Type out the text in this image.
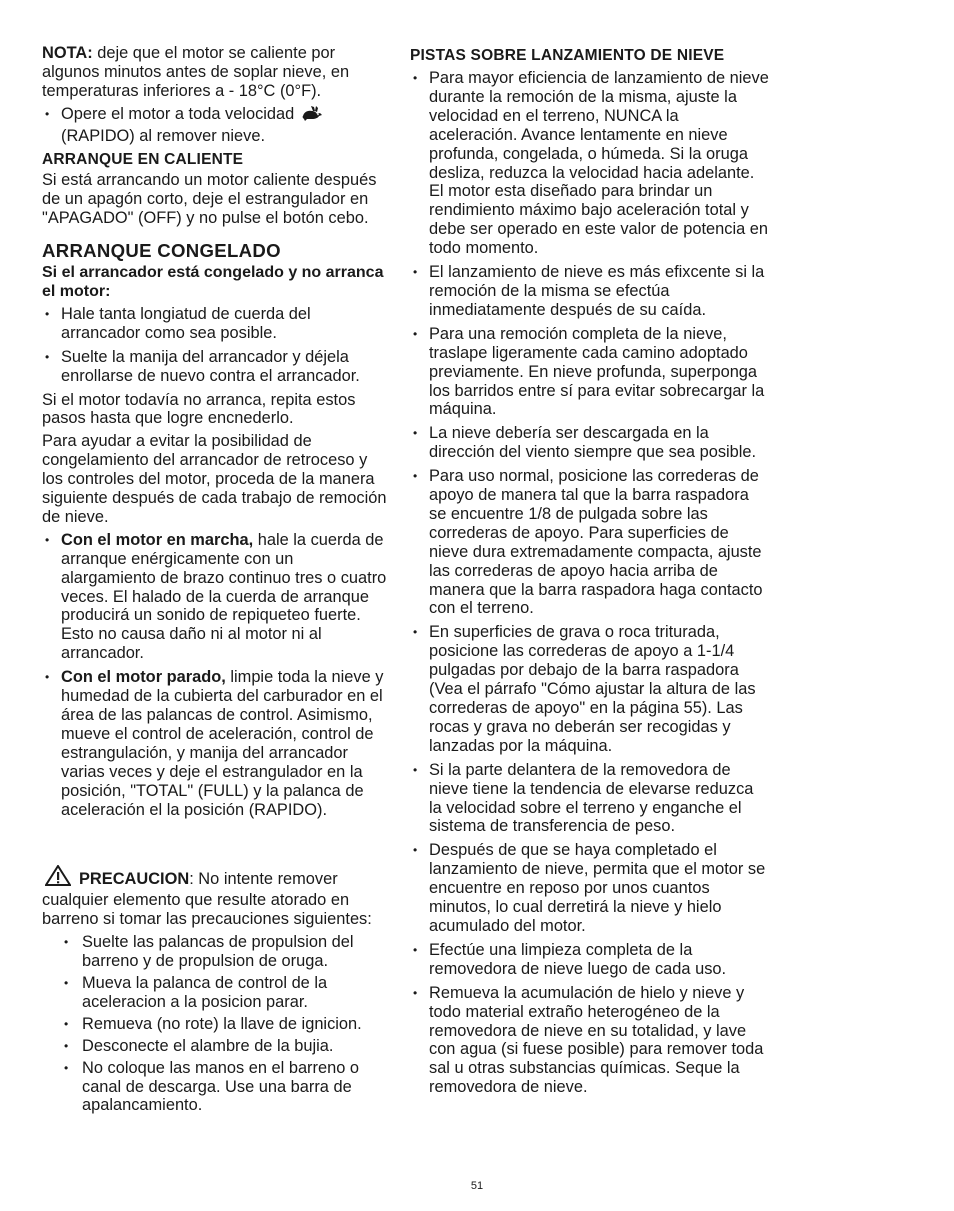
NOTA: deje que el motor se caliente por algunos minutos antes de soplar nieve, en temperaturas inferiores a - 18°C (0°F).

• Opere el motor a toda velocidad
(RAPIDO) al remover nieve.
ARRANQUE EN CALIENTE

Si está arrancando un motor caliente después de un apagón corto, deje el estrangulador en "APAGADO" (OFF) y no pulse el botón cebo.

ARRANQUE CONGELADO
Si el arrancador está congelado y no arranca el motor:
• Hale tanta longiatud de cuerda del arrancador como sea posible.
• Suelte la manija del arrancador y déjela enrollarse de nuevo contra el arrancador.

Si el motor todavía no arranca, repita estos pasos hasta que logre encnederlo.

Para ayudar a evitar la posibilidad de congelamiento del arrancador de retroceso y los controles del motor, proceda de la manera siguiente después de cada trabajo de remoción de nieve.

• Con el motor en marcha, hale la cuerda de arranque enérgicamente con un alargamiento de brazo continuo tres o cuatro veces. El halado de la cuerda de arranque producirá un sonido de repiqueteo fuerte. Esto no causa daño ni al motor ni al arrancador.
• Con el motor parado, limpie toda la nieve y humedad de la cubierta del carburador en el área de las palancas de control. Asimismo, mueve el control de aceleración, control de estrangulación, y manija del arrancador varias veces y deje el estrangulador en la posición, "TOTAL" (FULL) y la palanca de aceleración el la posición (RAPIDO).

PRECAUCION: No intente remover cualquier elemento que resulte atorado en barreno si tomar las precauciones siguientes:

• Suelte las palancas de propulsion del barreno y de propulsion de oruga.
• Mueva la palanca de control de la aceleracion a la posicion parar.
• Remueva (no rote) la llave de ignicion.
• Desconecte el alambre de la bujia.
• No coloque las manos en el barreno o canal de descarga. Use una barra de apalancamiento.
PISTAS SOBRE LANZAMIENTO DE NIEVE
• Para mayor eficiencia de lanzamiento de nieve durante la remoción de la misma, ajuste la velocidad en el terreno, NUNCA la aceleración. Avance lentamente en nieve profunda, congelada, o húmeda. Si la oruga desliza, reduzca la velocidad hacia adelante. El motor esta diseñado para brindar un rendimiento máximo bajo aceleración total y debe ser operado en este valor de potencia en todo momento.
• El lanzamiento de nieve es más efixcente si la remoción de la misma se efectúa inmediatamente después de su caída.
• Para una remoción completa de la nieve, traslape ligeramente cada camino adoptado previamente. En nieve profunda, superponga los barridos entre sí para evitar sobrecargar la máquina.
• La nieve debería ser descargada en la dirección del viento siempre que sea posible.
• Para uso normal, posicione las correderas de apoyo de manera tal que la barra raspadora se encuentre 1/8 de pulgada sobre las correderas de apoyo. Para superficies de nieve dura extremadamente compacta, ajuste las correderas de apoyo hacia arriba de manera que la barra raspadora haga contacto con el terreno.
• En superficies de grava o roca triturada, posicione las correderas de apoyo a 1-1/4 pulgadas por debajo de la barra raspadora (Vea el párrafo "Cómo ajustar la altura de las correderas de apoyo" en la página 55). Las rocas y grava no deberán ser recogidas y lanzadas por la máquina.
• Si la parte delantera de la removedora de nieve tiene la tendencia de elevarse reduzca la velocidad sobre el terreno y enganche el sistema de transferencia de peso.
• Después de que se haya completado el lanzamiento de nieve, permita que el motor se encuentre en reposo por unos cuantos minutos, lo cual derretirá la nieve y hielo acumulado del motor.
• Efectúe una limpieza completa de la removedora de nieve luego de cada uso.
• Remueva la acumulación de hielo y nieve y todo material extraño heterogéneo de la removedora de nieve en su totalidad, y lave con agua (si fuese posible) para remover toda sal u otras substancias químicas. Seque la removedora de nieve.
51
